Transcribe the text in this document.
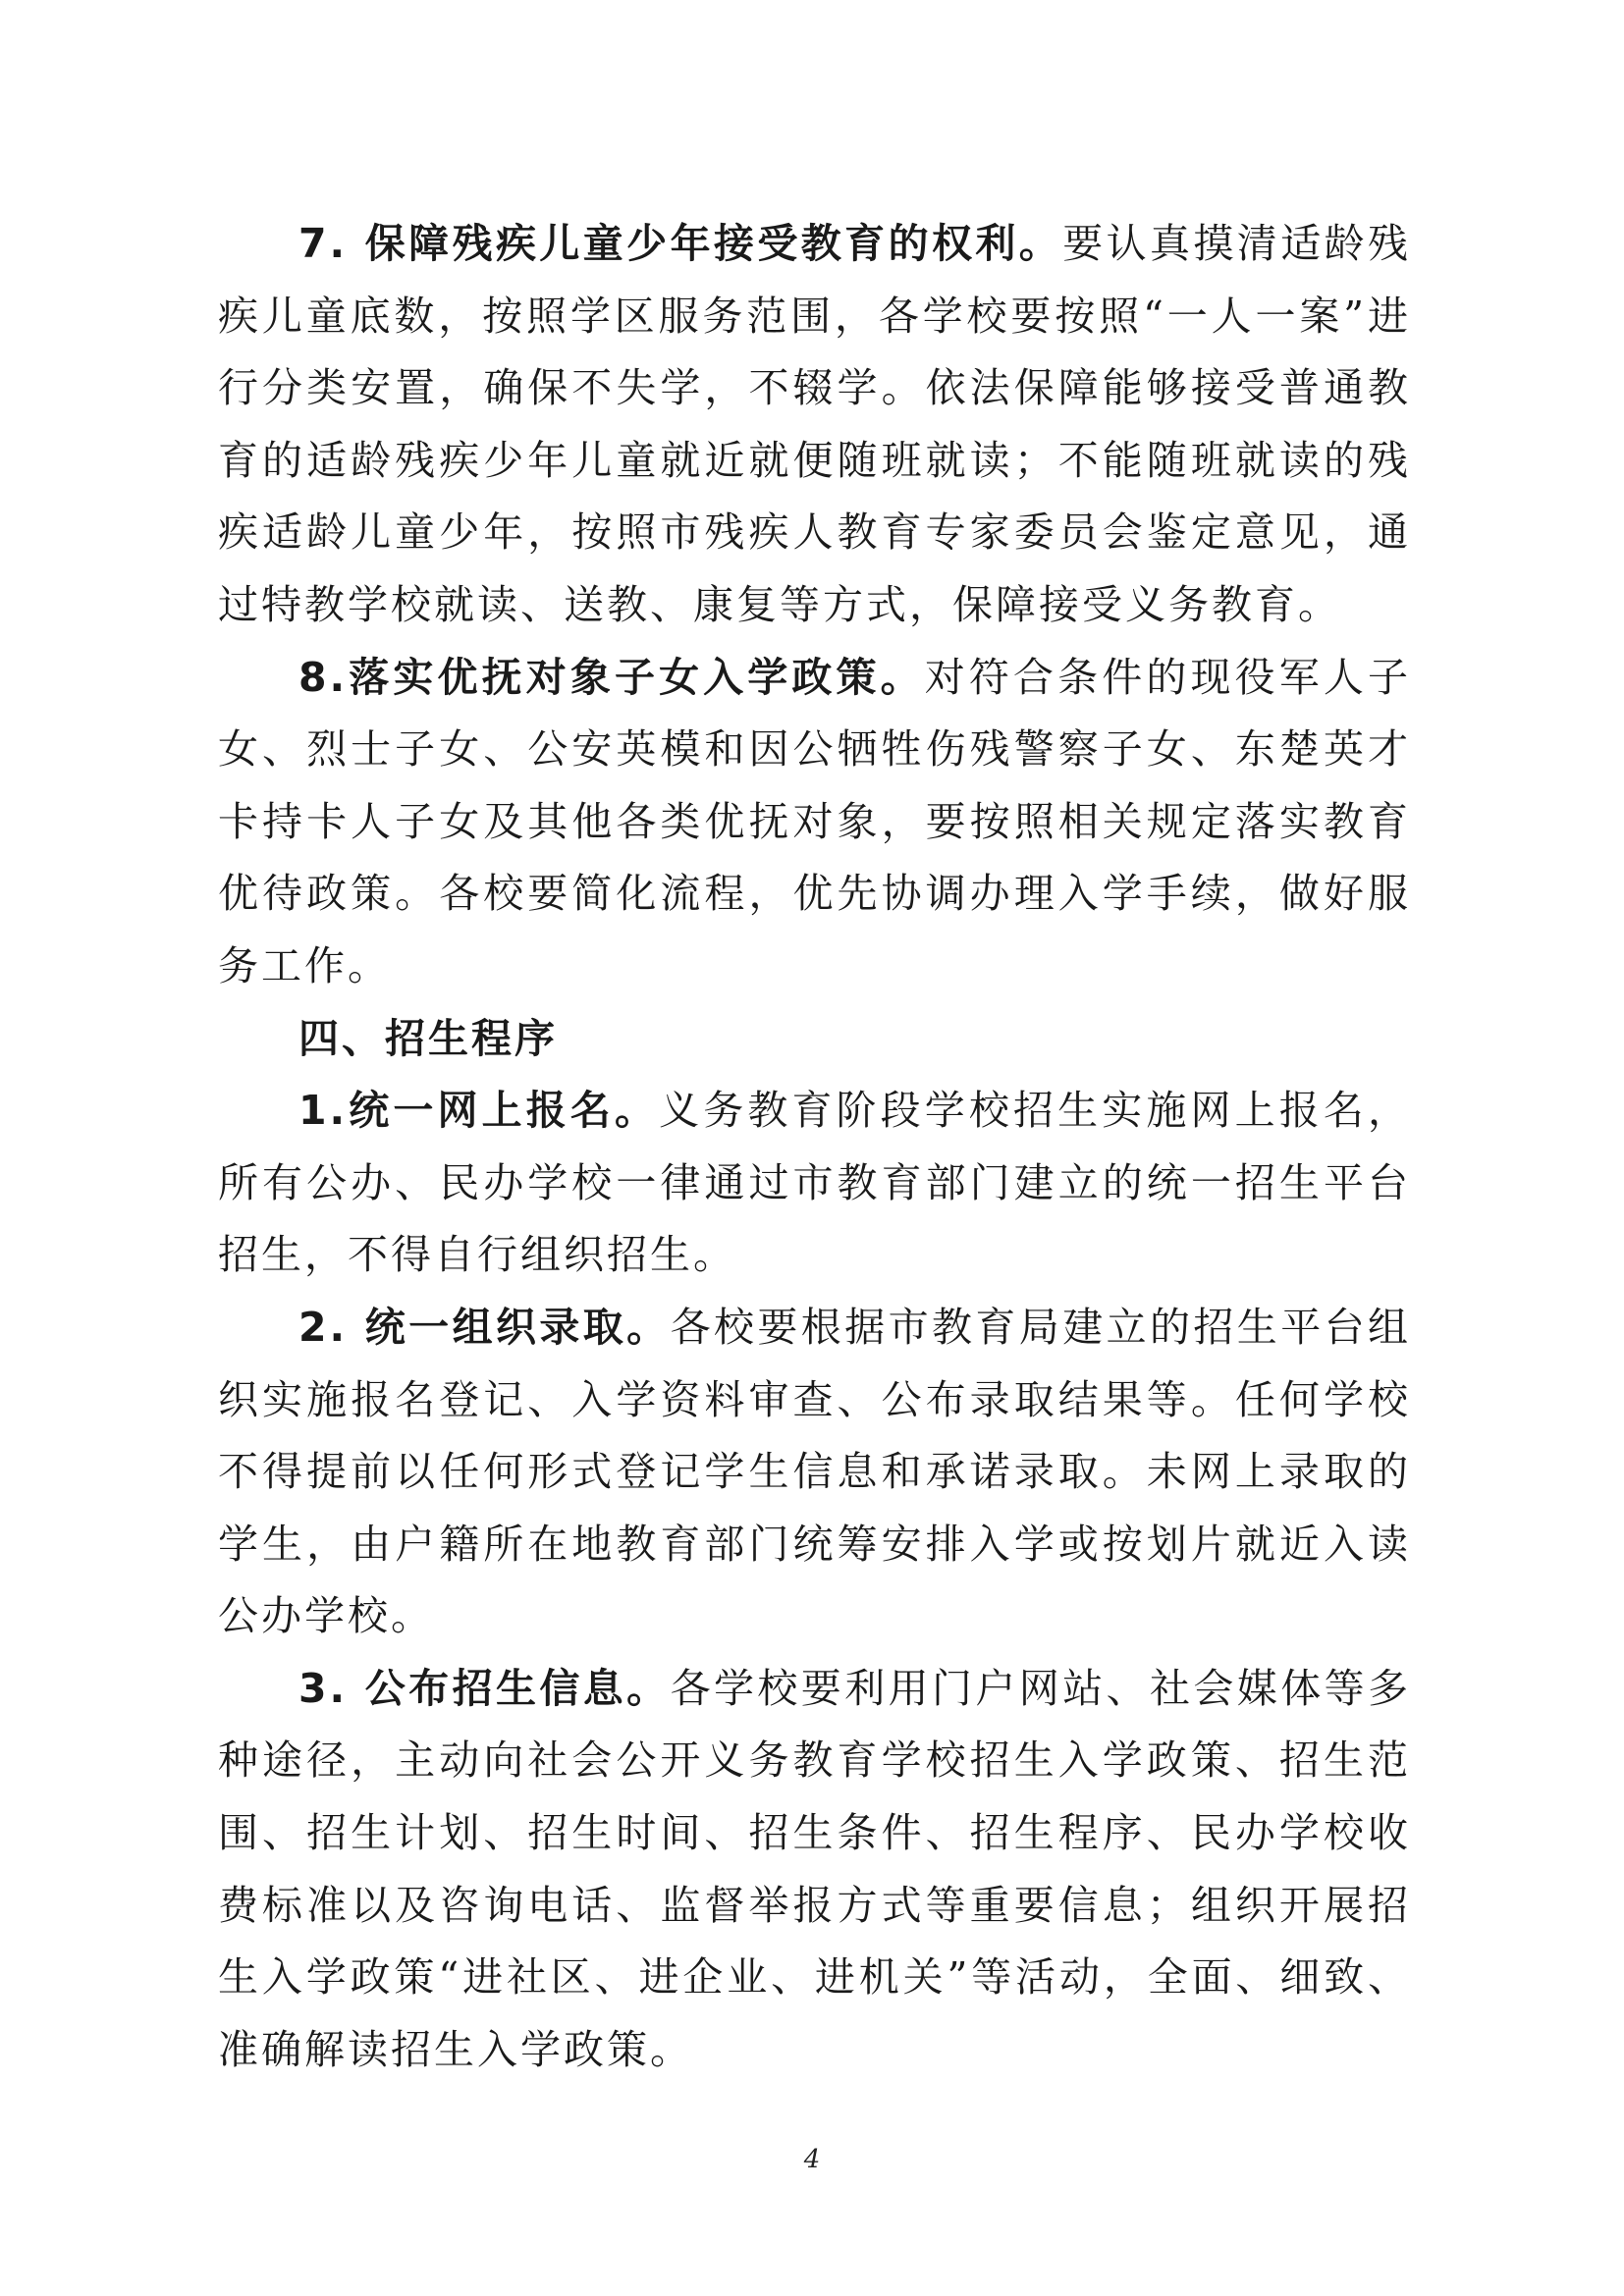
7. 保障残疾儿童少年接受教育的权利。要认真摸清适龄残疾儿童底数，按照学区服务范围，各学校要按照“一人一案”进行分类安置，确保不失学，不辍学。依法保障能够接受普通教育的适龄残疾少年儿童就近就便随班就读；不能随班就读的残疾适龄儿童少年，按照市残疾人教育专家委员会鉴定意见，通过特教学校就读、送教、康复等方式，保障接受义务教育。

8.落实优抚对象子女入学政策。对符合条件的现役军人子女、烈士子女、公安英模和因公牺牲伤残警察子女、东楚英才卡持卡人子女及其他各类优抚对象，要按照相关规定落实教育优待政策。各校要简化流程，优先协调办理入学手续，做好服务工作。

四、招生程序

1.统一网上报名。义务教育阶段学校招生实施网上报名，所有公办、民办学校一律通过市教育部门建立的统一招生平台招生，不得自行组织招生。

2. 统一组织录取。各校要根据市教育局建立的招生平台组织实施报名登记、入学资料审查、公布录取结果等。任何学校不得提前以任何形式登记学生信息和承诺录取。未网上录取的学生，由户籍所在地教育部门统筹安排入学或按划片就近入读公办学校。

3. 公布招生信息。各学校要利用门户网站、社会媒体等多种途径，主动向社会公开义务教育学校招生入学政策、招生范围、招生计划、招生时间、招生条件、招生程序、民办学校收费标准以及咨询电话、监督举报方式等重要信息；组织开展招生入学政策“进社区、进企业、进机关”等活动，全面、细致、准确解读招生入学政策。

4
